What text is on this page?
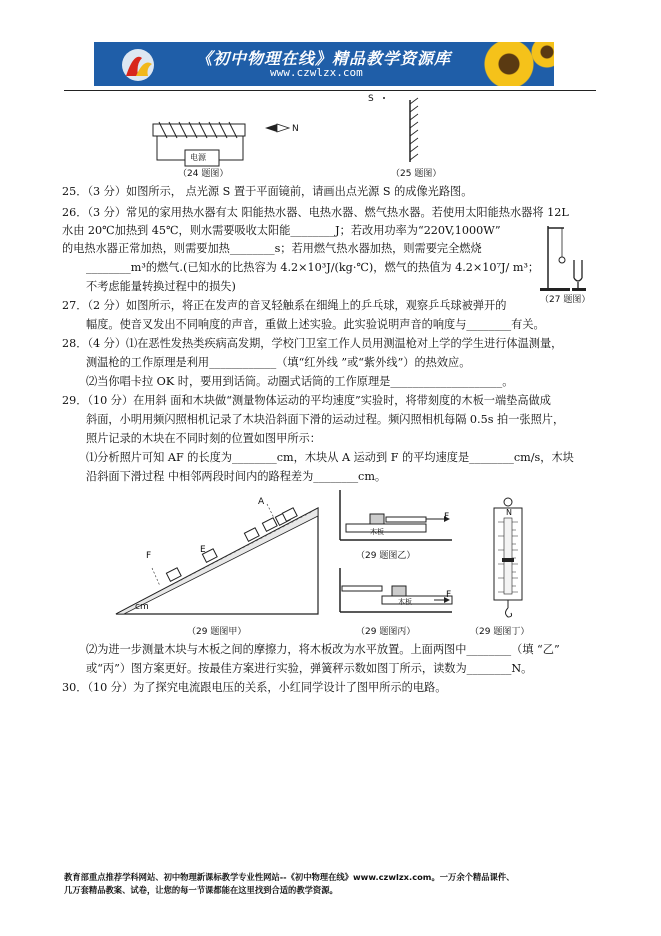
《初中物理在线》精品教学资源库
www.czwlzx.com
电源
N
（24 题图）
S
（25 题图）
（27 题图）
25．（3 分）如图所示， 点光源 S 置于平面镜前，请画出点光源 S 的成像光路图。
26．（3 分）常见的家用热水器有太 阳能热水器、电热水器、燃气热水器。若使用太阳能热水器将 12L
水由 20℃加热到 45℃，则水需要吸收太阳能________J；若改用功率为“220V,1000W”
的电热水器正常加热，则需要加热________s；若用燃气热水器加热，则需要完全燃烧
________m³的燃气.(已知水的比热容为 4.2×10³J/(kg·℃)，燃气的热值为 4.2×10⁷J/ m³；
不考虑能量转换过程中的损失)
27．（2 分）如图所示，将正在发声的音叉轻触系在细绳上的乒乓球，观察乒乓球被弹开的
幅度。使音叉发出不同响度的声音，重做上述实验。此实验说明声音的响度与________有关。
28．（4 分）⑴在恶性发热类疾病高发期，学校门卫室工作人员用测温枪对上学的学生进行体温测量，
测温枪的工作原理是利用____________（填“红外线 ”或“紫外线”）的热效应。
⑵当你唱卡拉 OK 时，要用到话筒。动圈式话筒的工作原理是____________________。
29．（10 分）在用斜 面和木块做“测量物体运动的平均速度”实验时，将带刻度的木板一端垫高做成
斜面，小明用频闪照相机记录了木块沿斜面下滑的运动过程。频闪照相机每隔 0.5s 拍一张照片，
照片记录的木块在不同时刻的位置如图甲所示：
⑴分析照片可知 AF 的长度为________cm，木块从 A 运动到 F 的平均速度是________cm/s，木块
沿斜面下滑过程 中相邻两段时间内的路程差为________cm。
F
A
E
cm
（29 题图甲）
木板
F
（29 题图乙）
木板
F
（29 题图丙）
N
（29 题图丁）
⑵为进一步测量木块与木板之间的摩擦力，将木板改为水平放置。上面两图中________（填 “乙”
或“丙”）图方案更好。按最佳方案进行实验，弹簧秤示数如图丁所示，读数为________N。
30．（10 分）为了探究电流跟电压的关系，小红同学设计了图甲所示的电路。
教育部重点推荐学科网站、初中物理新课标教学专业性网站--《初中物理在线》www.czwlzx.com。一万余个精品课件、
几万套精品教案、试卷，让您的每一节课都能在这里找到合适的教学资源。
